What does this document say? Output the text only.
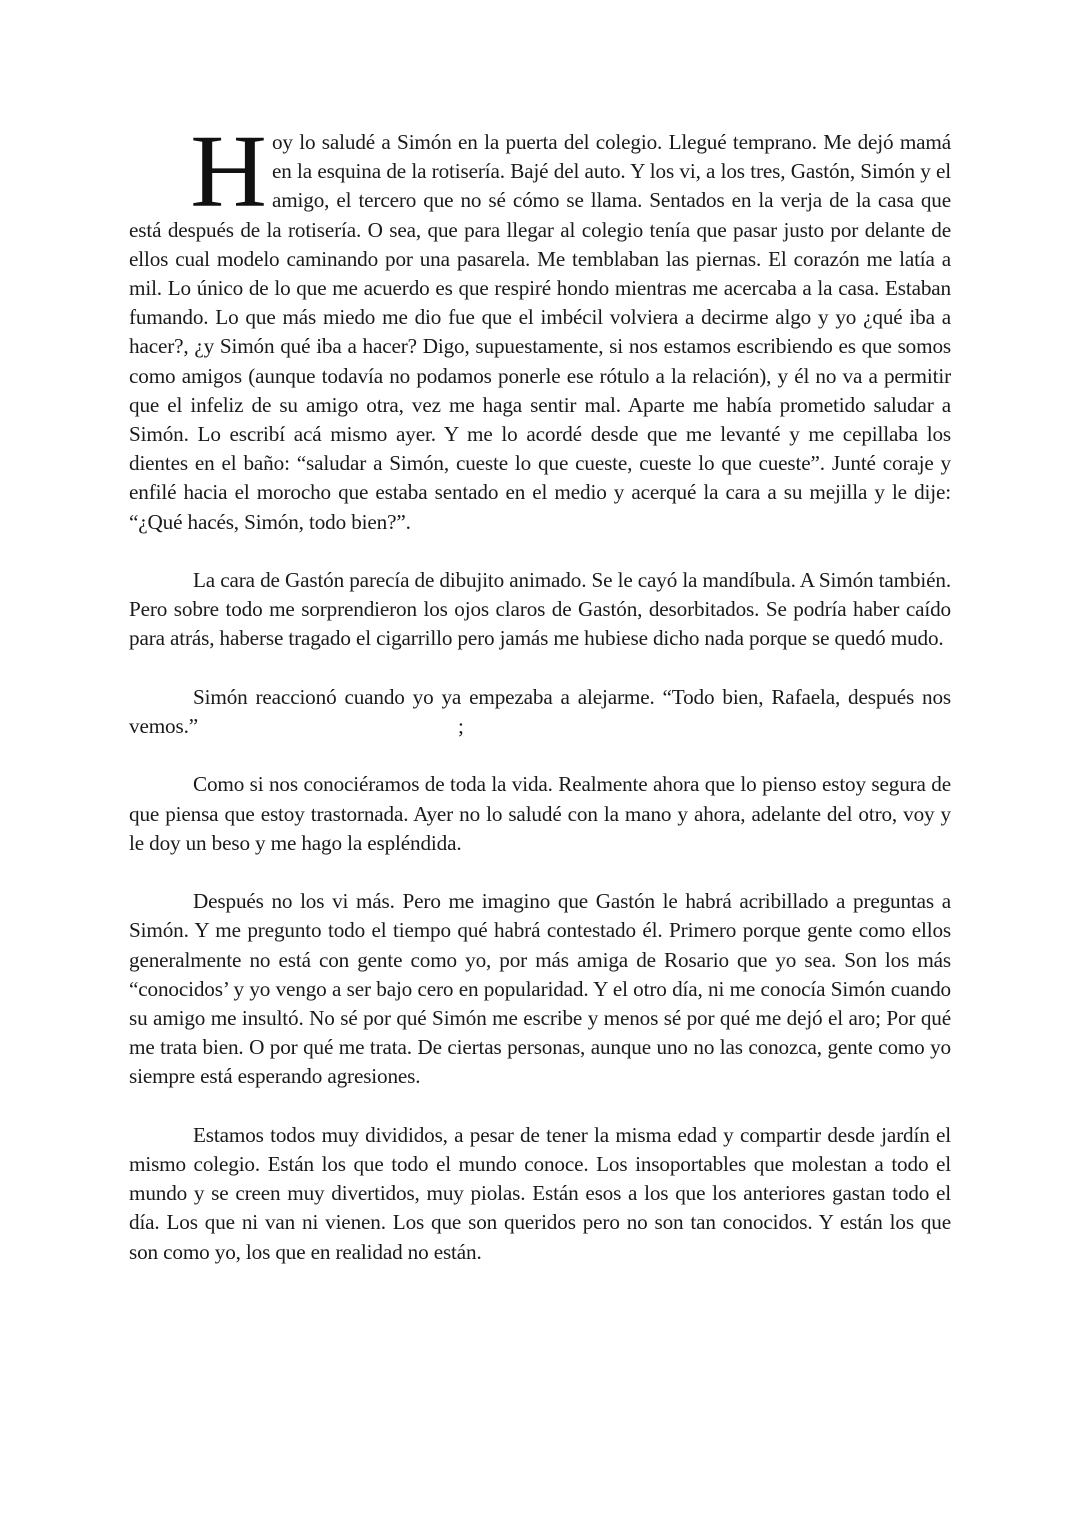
Hoy lo saludé a Simón en la puerta del colegio. Llegué temprano. Me dejó mamá en la esquina de la rotisería. Bajé del auto. Y los vi, a los tres, Gastón, Simón y el amigo, el tercero que no sé cómo se llama. Sentados en la verja de la casa que está después de la rotisería. O sea, que para llegar al colegio tenía que pasar justo por delante de ellos cual modelo caminando por una pasarela. Me temblaban las piernas. El corazón me latía a mil. Lo único de lo que me acuerdo es que respiré hondo mientras me acercaba a la casa. Estaban fumando. Lo que más miedo me dio fue que el imbécil volviera a decirme algo y yo ¿qué iba a hacer?, ¿y Simón qué iba a hacer? Digo, supuestamente, si nos estamos escribiendo es que somos como amigos (aunque todavía no podamos ponerle ese rótulo a la relación), y él no va a permitir que el infeliz de su amigo otra, vez me haga sentir mal. Aparte me había prometido saludar a Simón. Lo escribí acá mismo ayer. Y me lo acordé desde que me levanté y me cepillaba los dientes en el baño: “saludar a Simón, cueste lo que cueste, cueste lo que cueste”. Junté coraje y enfilé hacia el morocho que estaba sentado en el medio y acerqué la cara a su mejilla y le dije: “¿Qué hacés, Simón, todo bien?”.

La cara de Gastón parecía de dibujito animado. Se le cayó la mandíbula. A Simón también. Pero sobre todo me sorprendieron los ojos claros de Gastón, desorbitados. Se podría haber caído para atrás, haberse tragado el cigarrillo pero jamás me hubiese dicho nada porque se quedó mudo.

Simón reaccionó cuando yo ya empezaba a alejarme. “Todo bien, Rafaela, después nos vemos.”	;

Como si nos conociéramos de toda la vida. Realmente ahora que lo pienso estoy segura de que piensa que estoy trastornada. Ayer no lo saludé con la mano y ahora, adelante del otro, voy y le doy un beso y me hago la espléndida.

Después no los vi más. Pero me imagino que Gastón le habrá acribillado a preguntas a Simón. Y me pregunto todo el tiempo qué habrá contestado él. Primero porque gente como ellos generalmente no está con gente como yo, por más amiga de Rosario que yo sea. Son los más “conocidos’ y yo vengo a ser bajo cero en popularidad. Y el otro día, ni me conocía Simón cuando su amigo me insultó. No sé por qué Simón me escribe y menos sé por qué me dejó el aro; Por qué me trata bien. O por qué me trata. De ciertas personas, aunque uno no las conozca, gente como yo siempre está esperando agresiones.

Estamos todos muy divididos, a pesar de tener la misma edad y compartir desde jardín el mismo colegio. Están los que todo el mundo conoce. Los insoportables que molestan a todo el mundo y se creen muy divertidos, muy piolas. Están esos a los que los anteriores gastan todo el día. Los que ni van ni vienen. Los que son queridos pero no son tan conocidos. Y están los que son como yo, los que en realidad no están.
